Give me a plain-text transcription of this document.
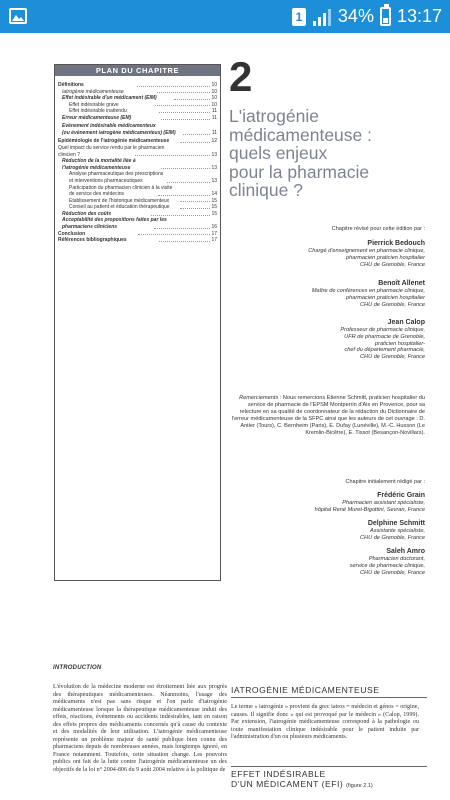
1 34% 13:17
PLAN DU CHAPITRE
Définitions	10
Iatrogénie médicamenteuse	10
Effet indésirable d'un médicament (EIM)	10
Effet indésirable grave	10
Effet indésirable inattendu	11
Erreur médicamenteuse (EM)	11
Événement indésirable médicamenteux
(ou événement iatrogène médicamenteux) (EIM)	11
Épidémiologie de l'iatrogénie médicamenteuse	12
Quel impact du service rendu par le pharmacien
clinicien ?	13
Réduction de la mortalité liée à
l'iatrogénie médicamenteuse	13
Analyse pharmaceutique des prescriptions
et interventions pharmaceutiques	13
Participation du pharmacien clinicien à la visite
de service des médecins	14
Établissement de l'historique médicamenteux	15
Conseil au patient et éducation thérapeutique	15
Réduction des coûts	15
Acceptabilité des propositions faites par les
pharmaciens cliniciens	16
Conclusion	17
Références bibliographiques	17
2
L'iatrogénie
médicamenteuse :
quels enjeux
pour la pharmacie
clinique ?
Chapitre révisé pour cette édition par :
Pierrick Bedouch
Chargé d'enseignement en pharmacie clinique,
pharmacien praticien hospitalier
CHU de Grenoble, France
Benoît Allenet
Maître de conférences en pharmacie clinique,
pharmacien praticien hospitalier
CHU de Grenoble, France
Jean Calop
Professeur de pharmacie clinique,
UFR de pharmacie de Grenoble,
praticien hospitalier-
chef du département pharmacie,
CHU de Grenoble, France
Remerciements : Nous remercions Etienne Schmitt, praticien hospitalier du service de pharmacie de l'EPSM Montperrin d'Aix en Provence, pour sa relecture en sa qualité de coordonnateur de la rédaction du Dictionnaire de l'erreur médicamenteuse de la SFPC ainsi que les auteurs de cet ouvrage : D. Antier (Tours), C. Bernheim (Paris), E. Dufay (Lunéville), M.-C. Husson (Le Kremlin-Bicêtre), E. Tissot (Besançon-Novillars).
Chapitre initialement rédigé par :
Frédéric Grain
Pharmacien assistant spécialiste,
hôpital René Muret-Bigottini, Sevran, France
Delphine Schmitt
Assistante spécialiste,
CHU de Grenoble, France
Saleh Amro
Pharmacien doctorant,
service de pharmacie clinique,
CHU de Grenoble, France
INTRODUCTION
L'évolution de la médecine moderne est étroitement liée aux progrès des thérapeutiques médicamenteuses. Néanmoins, l'usage des médicaments n'est pas sans risque et l'on parle d'iatrogénie médicamenteuse lorsque la thérapeutique médicamenteuse induit des effets, réactions, événements ou accidents indésirables, tant en raison des effets propres des médicaments concernés qu'à cause du contexte et des modalités de leur utilisation. L'iatrogénie médicamenteuse représente un problème majeur de santé publique bien connu des pharmaciens depuis de nombreuses années, mais longtemps ignoré, en France notamment. Toutefois, cette situation change. Les pouvoirs publics ont fait de la lutte contre l'iatrogénie médicamenteuse un des objectifs de la loi n° 2004-806 du 9 août 2004 relative à la politique de
IATROGÉNIE MÉDICAMENTEUSE
Le terme « iatrogénie » provient du grec iatros = médecin et génos = origine, causes. Il signifie donc « qui est provoqué par le médecin » (Calop, 1999). Par extension, l'iatrogénie médicamenteuse correspond à la pathologie ou toute manifestation clinique indésirable pour le patient induite par l'administration d'un ou plusieurs médicaments.
EFFET INDÉSIRABLE
D'UN MÉDICAMENT (EFI) (figure 2.1)
